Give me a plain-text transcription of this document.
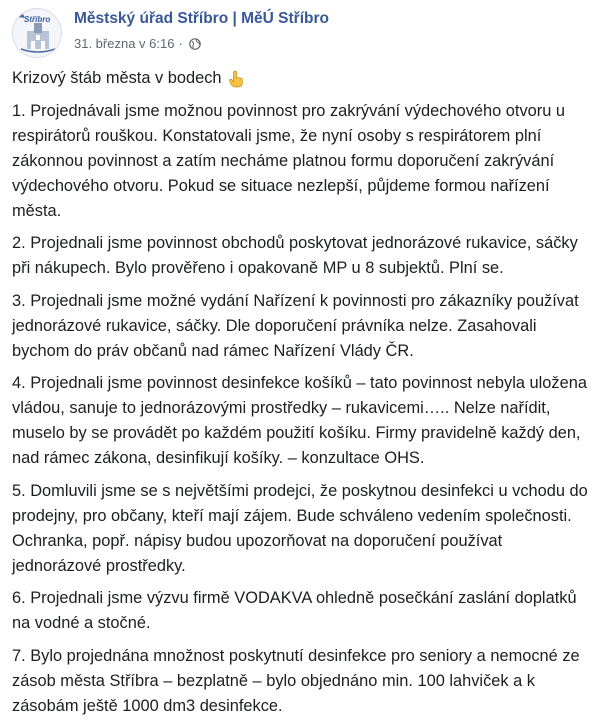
Stříbro Městský úřad Stříbro | MěÚ Stříbro
31. března v 6:16 ·

Krizový štáb města v bodech

1. Projednávali jsme možnou povinnost pro zakrývání výdechového otvoru u respirátorů rouškou. Konstatovali jsme, že nyní osoby s respirátorem plní zákonnou povinnost a zatím necháme platnou formu doporučení zakrývání výdechového otvoru. Pokud se situace nezlepší, půjdeme formou nařízení města.

2. Projednali jsme povinnost obchodů poskytovat jednorázové rukavice, sáčky při nákupech. Bylo prověřeno i opakovaně MP u 8 subjektů. Plní se.

3. Projednali jsme možné vydání Nařízení k povinnosti pro zákazníky používat jednorázové rukavice, sáčky. Dle doporučení právníka nelze. Zasahovali bychom do práv občanů nad rámec Nařízení Vlády ČR.

4. Projednali jsme povinnost desinfekce košíků – tato povinnost nebyla uložena vládou, sanuje to jednorázovými prostředky – rukavicemi….. Nelze nařídit, muselo by se provádět po každém použití košíku. Firmy pravidelně každý den, nad rámec zákona, desinfikují košíky. – konzultace OHS.

5. Domluvili jsme se s největšími prodejci, že poskytnou desinfekci u vchodu do prodejny, pro občany, kteří mají zájem. Bude schváleno vedením společnosti. Ochranka, popř. nápisy budou upozorňovat na doporučení používat jednorázové prostředky.

6. Projednali jsme výzvu firmě VODAKVA ohledně posečkání zaslání doplatků na vodné a stočné.

7. Bylo projednána množnost poskytnutí desinfekce pro seniory a nemocné ze zásob města Stříbra – bezplatně – bylo objednáno min. 100 lahviček a k zásobám ještě 1000 dm3 desinfekce.
